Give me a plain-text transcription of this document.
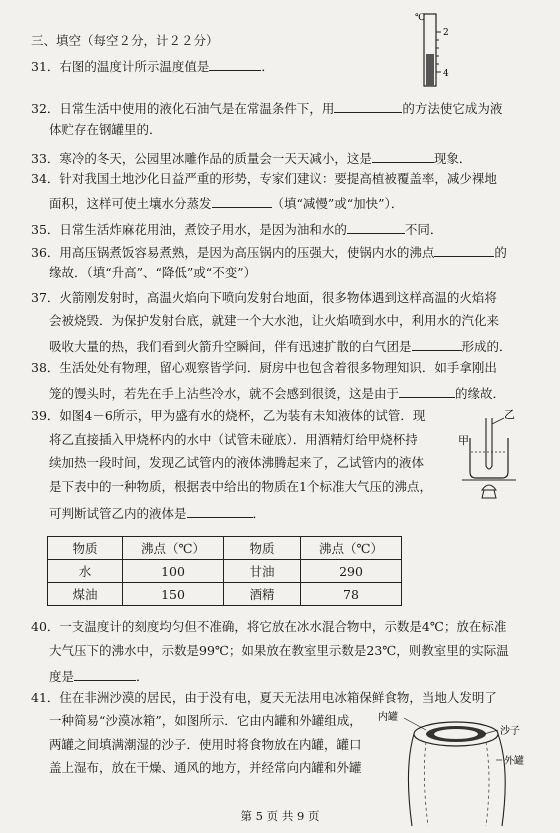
三、填空（每空２分，计２２分）
31．右图的温度计所示温度值是	．
℃
2
4
32．日常生活中使用的液化石油气是在常温条件下，用	的方法使它成为液
体贮存在钢罐里的．
33．寒冷的冬天，公园里冰雕作品的质量会一天天减小，这是	现象．
34．针对我国土地沙化日益严重的形势，专家们建议：要提高植被覆盖率，减少裸地
面积，这样可使土壤水分蒸发	（填“减慢”或“加快”）．
35．日常生活炸麻花用油，煮饺子用水，是因为油和水的	不同．
36．用高压锅煮饭容易煮熟，是因为高压锅内的压强大，使锅内水的沸点	的
缘故．（填“升高”、“降低”或“不变”）
37．火箭刚发射时，高温火焰向下喷向发射台地面，很多物体遇到这样高温的火焰将
会被烧毁．为保护发射台底，就建一个大水池，让火焰喷到水中，利用水的汽化来
吸收大量的热，我们看到火箭升空瞬间，伴有迅速扩散的白气团是	形成的．
38．生活处处有物理，留心观察皆学问．厨房中也包含着很多物理知识．如手拿刚出
笼的馒头时，若先在手上沾些冷水，就不会感到很烫，这是由于	的缘故．
39．如图4－6所示，甲为盛有水的烧杯，乙为装有未知液体的试管．现
将乙直接插入甲烧杯内的水中（试管未碰底）．用酒精灯给甲烧杯持
续加热一段时间，发现乙试管内的液体沸腾起来了，乙试管内的液体
是下表中的一种物质，根据表中给出的物质在1个标准大气压的沸点，
可判断试管乙内的液体是	．
甲
乙
物质	沸点（℃）	物质	沸点（℃）
水	100	甘油	290
煤油	150	酒精	78
40．一支温度计的刻度均匀但不准确，将它放在冰水混合物中，示数是4℃；放在标准
大气压下的沸水中，示数是99℃；如果放在教室里示数是23℃，则教室里的实际温
度是	．
41．住在非洲沙漠的居民，由于没有电，夏天无法用电冰箱保鲜食物，当地人发明了
一种简易“沙漠冰箱”，如图所示．它由内罐和外罐组成，
两罐之间填满潮湿的沙子．使用时将食物放在内罐，罐口
盖上湿布，放在干燥、通风的地方，并经常向内罐和外罐
内罐
沙子
外罐
第 5 页 共 9 页
